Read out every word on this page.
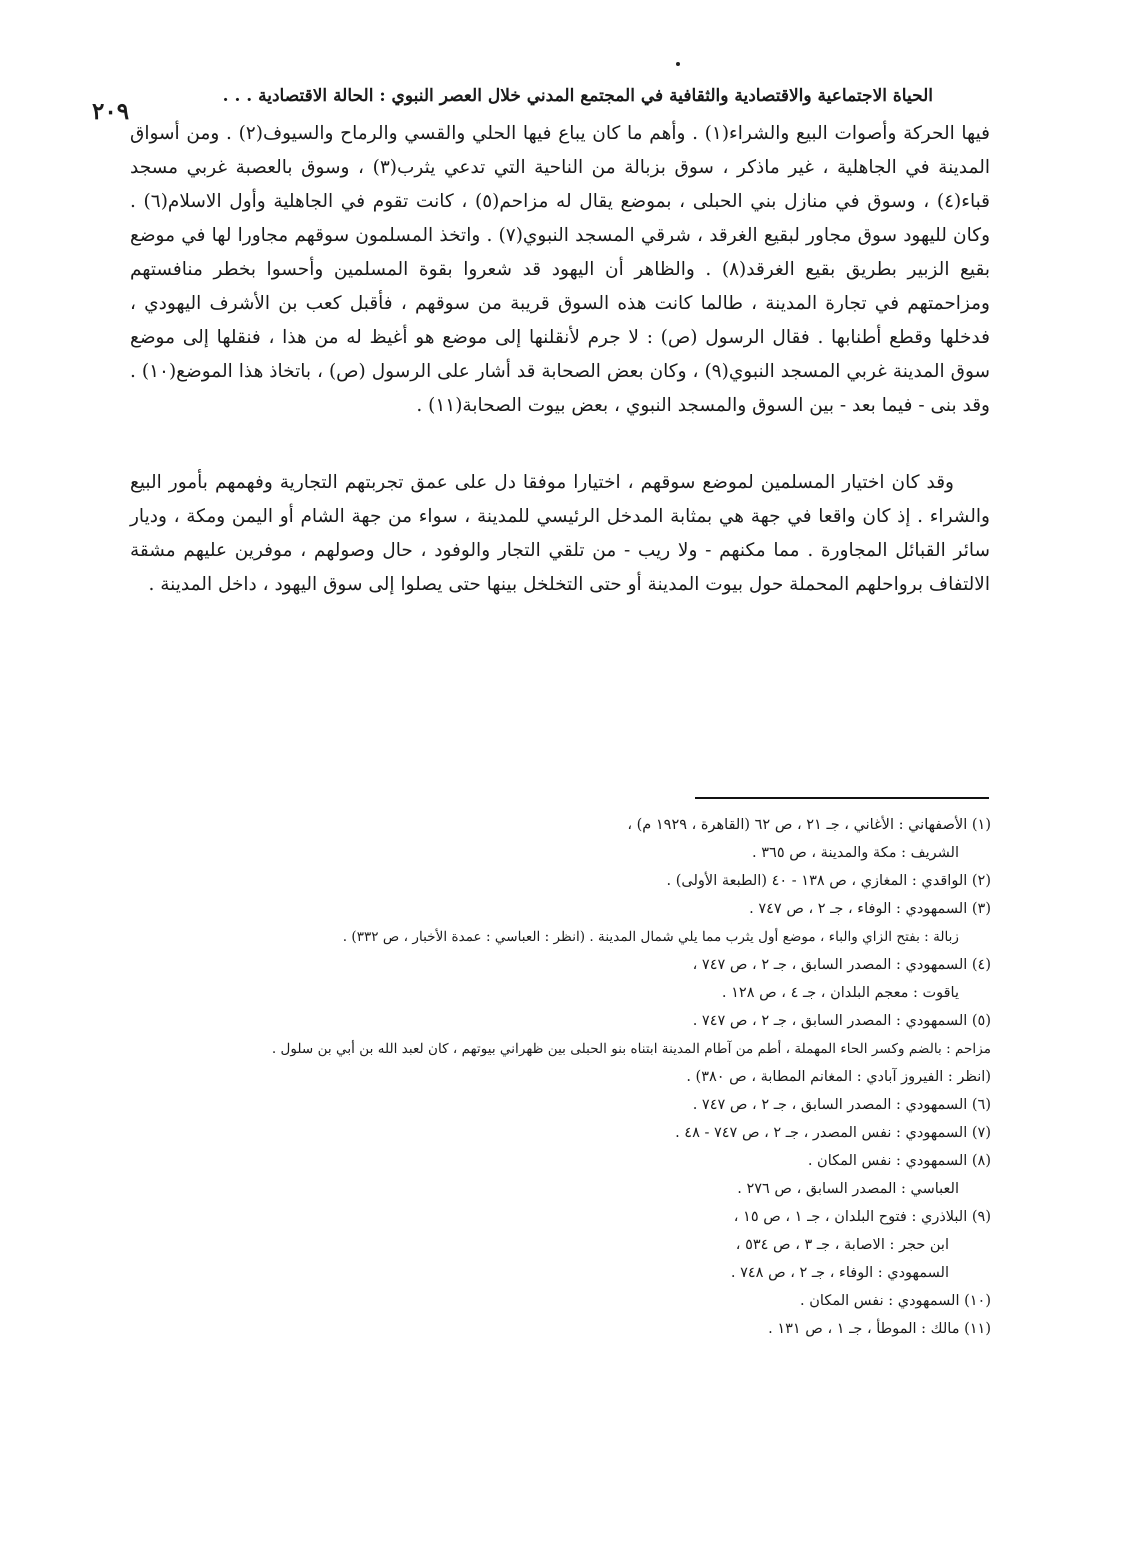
الحياة الاجتماعية والاقتصادية والثقافية في المجتمع المدني خلال العصر النبوي : الحالة الاقتصادية . . .
٢٠٩

فيها الحركة وأصوات البيع والشراء(١) . وأهم ما كان يباع فيها الحلي والقسي والرماح والسيوف(٢) . ومن أسواق المدينة في الجاهلية ، غير ماذكر ، سوق بزبالة من الناحية التي تدعي يثرب(٣) ، وسوق بالعصبة غربي مسجد قباء(٤) ، وسوق في منازل بني الحبلى ، بموضع يقال له مزاحم(٥) ، كانت تقوم في الجاهلية وأول الاسلام(٦) . وكان لليهود سوق مجاور لبقيع الغرقد ، شرقي المسجد النبوي(٧) . واتخذ المسلمون سوقهم مجاورا لها في موضع بقيع الزبير بطريق بقيع الغرقد(٨) . والظاهر أن اليهود قد شعروا بقوة المسلمين وأحسوا بخطر منافستهم ومزاحمتهم في تجارة المدينة ، طالما كانت هذه السوق قريبة من سوقهم ، فأقبل كعب بن الأشرف اليهودي ، فدخلها وقطع أطنابها . فقال الرسول (ص) : لا جرم لأنقلنها إلى موضع هو أغيظ له من هذا ، فنقلها إلى موضع سوق المدينة غربي المسجد النبوي(٩) ، وكان بعض الصحابة قد أشار على الرسول (ص) ، باتخاذ هذا الموضع(١٠) . وقد بنى - فيما بعد - بين السوق والمسجد النبوي ، بعض بيوت الصحابة(١١) .

وقد كان اختيار المسلمين لموضع سوقهم ، اختيارا موفقا دل على عمق تجربتهم التجارية وفهمهم بأمور البيع والشراء . إذ كان واقعا في جهة هي بمثابة المدخل الرئيسي للمدينة ، سواء من جهة الشام أو اليمن ومكة ، وديار سائر القبائل المجاورة . مما مكنهم - ولا ريب - من تلقي التجار والوفود ، حال وصولهم ، موفرين عليهم مشقة الالتفاف برواحلهم المحملة حول بيوت المدينة أو حتى التخلخل بينها حتى يصلوا إلى سوق اليهود ، داخل المدينة .

(١) الأصفهاني : الأغاني ، جـ ٢١ ، ص ٦٢ (القاهرة ، ١٩٢٩ م) ،
الشريف : مكة والمدينة ، ص ٣٦٥ .
(٢) الواقدي : المغازي ، ص ١٣٨ - ٤٠ (الطبعة الأولى) .
(٣) السمهودي : الوفاء ، جـ ٢ ، ص ٧٤٧ .
زبالة : بفتح الزاي والباء ، موضع أول يثرب مما يلي شمال المدينة . (انظر : العباسي : عمدة الأخبار ، ص ٣٣٢) .
(٤) السمهودي : المصدر السابق ، جـ ٢ ، ص ٧٤٧ ،
ياقوت : معجم البلدان ، جـ ٤ ، ص ١٢٨ .
(٥) السمهودي : المصدر السابق ، جـ ٢ ، ص ٧٤٧ .
مزاحم : بالضم وكسر الحاء المهملة ، أطم من آطام المدينة ابتناه بنو الحبلى بين ظهراني بيوتهم ، كان لعبد الله بن أبي بن سلول .
(انظر : الفيروز آبادي : المغانم المطابة ، ص ٣٨٠) .
(٦) السمهودي : المصدر السابق ، جـ ٢ ، ص ٧٤٧ .
(٧) السمهودي : نفس المصدر ، جـ ٢ ، ص ٧٤٧ - ٤٨ .
(٨) السمهودي : نفس المكان .
العباسي : المصدر السابق ، ص ٢٧٦ .
(٩) البلاذري : فتوح البلدان ، جـ ١ ، ص ١٥ ،
ابن حجر : الاصابة ، جـ ٣ ، ص ٥٣٤ ،
السمهودي : الوفاء ، جـ ٢ ، ص ٧٤٨ .
(١٠) السمهودي : نفس المكان .
(١١) مالك : الموطأ ، جـ ١ ، ص ١٣١ .
